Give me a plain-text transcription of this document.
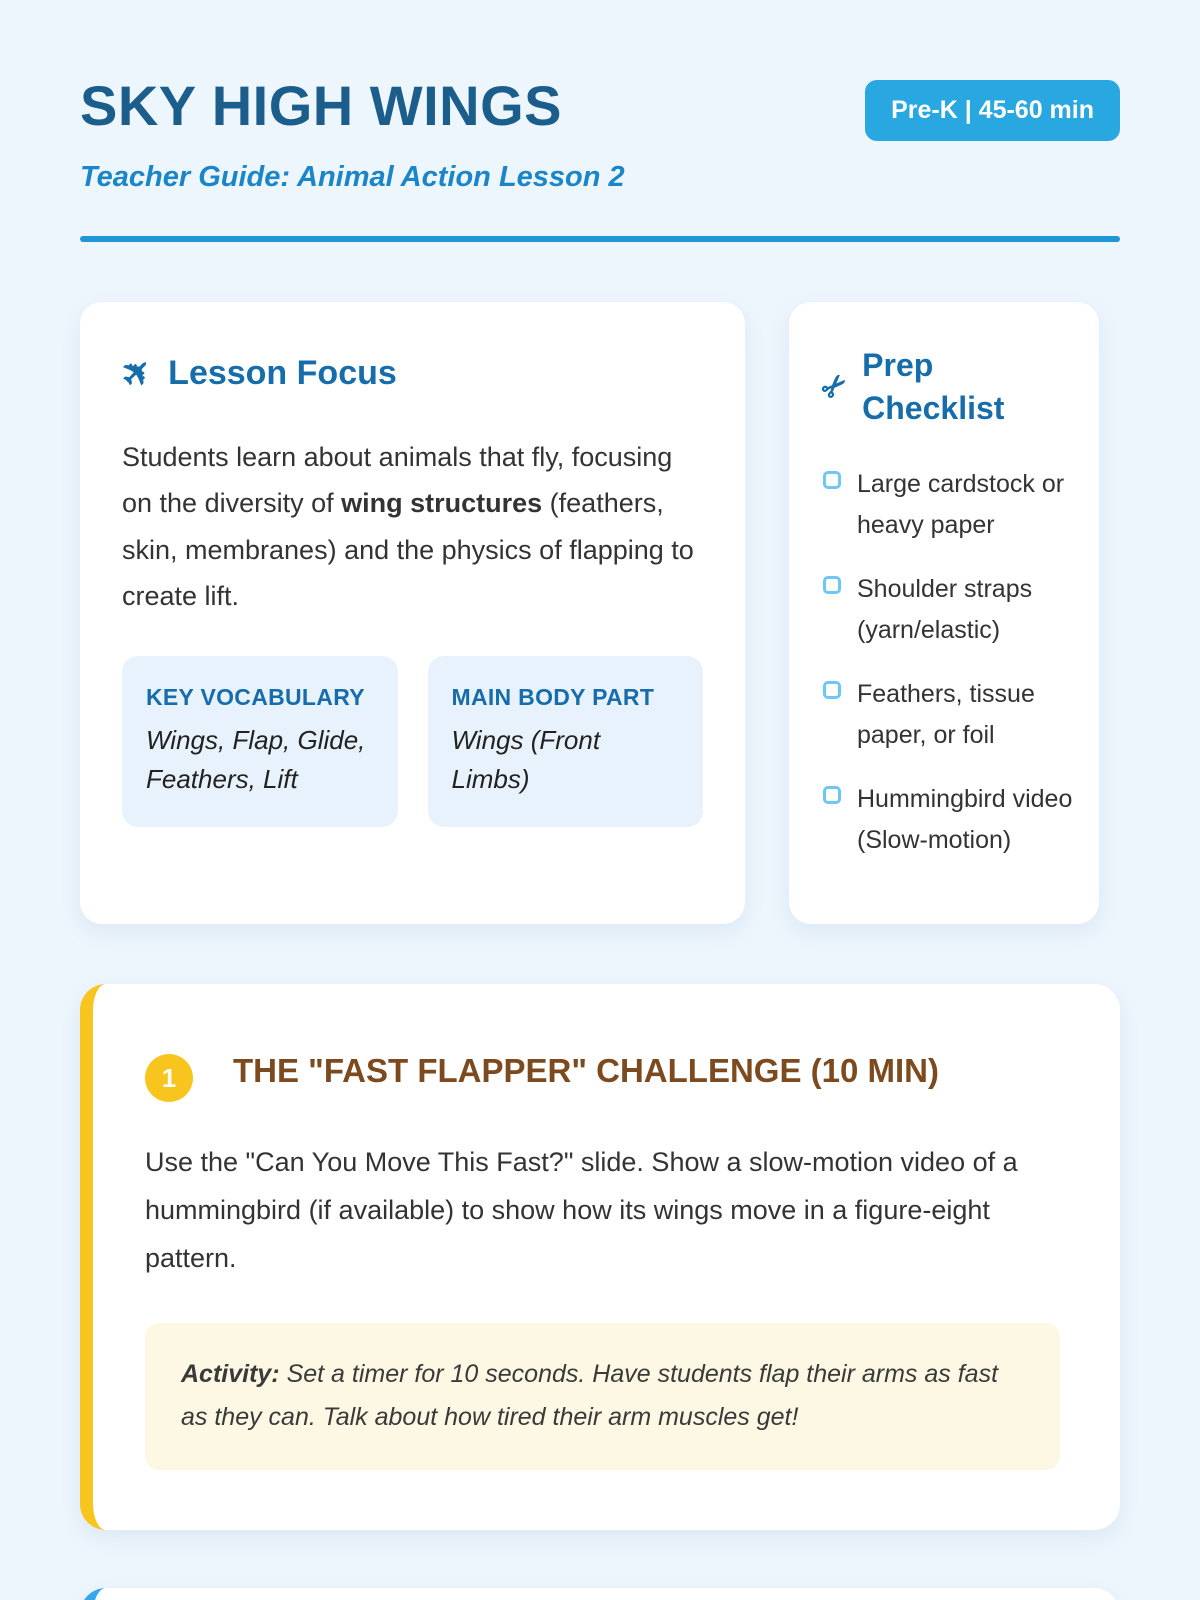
SKY HIGH WINGS	Pre-K | 45-60 min
Teacher Guide: Animal Action Lesson 2
✈ Lesson Focus

Students learn about animals that fly, focusing on the diversity of wing structures (feathers, skin, membranes) and the physics of flapping to create lift.

KEY VOCABULARY
Wings, Flap, Glide, Feathers, Lift
MAIN BODY PART
Wings (Front Limbs)
✂
Prep Checklist
Large cardstock or heavy paper
Shoulder straps (yarn/elastic)
Feathers, tissue paper, or foil
Hummingbird video (Slow-motion)
1	THE "FAST FLAPPER" CHALLENGE (10 MIN)

Use the "Can You Move This Fast?" slide. Show a slow-motion video of a hummingbird (if available) to show how its wings move in a figure-eight pattern.

Activity: Set a timer for 10 seconds. Have students flap their arms as fast as they can. Talk about how tired their arm muscles get!
